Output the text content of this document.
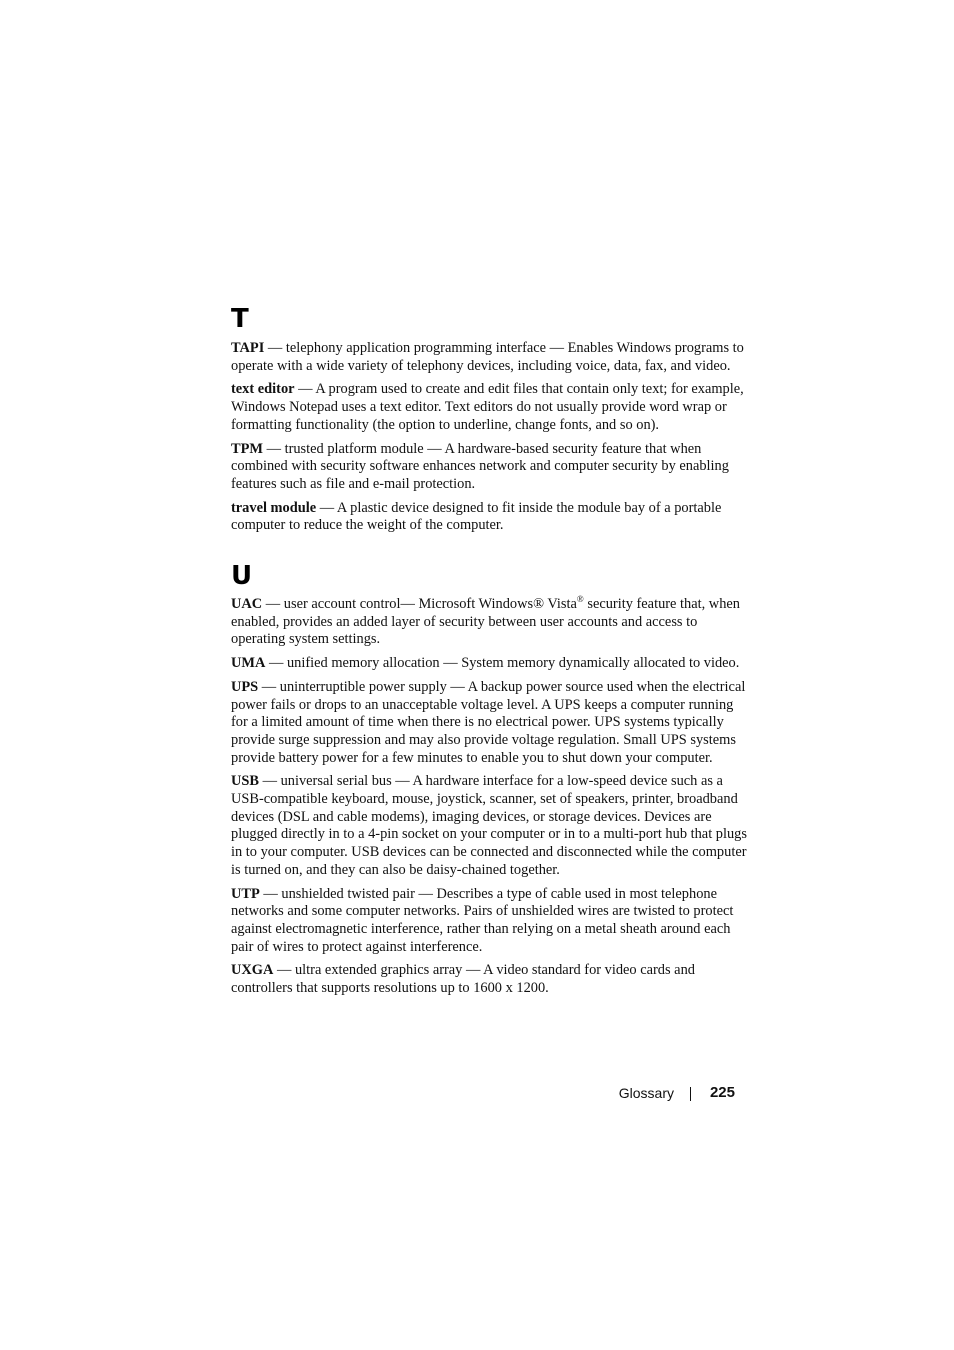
T

TAPI — telephony application programming interface — Enables Windows programs to operate with a wide variety of telephony devices, including voice, data, fax, and video.

text editor — A program used to create and edit files that contain only text; for example, Windows Notepad uses a text editor. Text editors do not usually provide word wrap or formatting functionality (the option to underline, change fonts, and so on).

TPM — trusted platform module — A hardware-based security feature that when combined with security software enhances network and computer security by enabling features such as file and e-mail protection.

travel module — A plastic device designed to fit inside the module bay of a portable computer to reduce the weight of the computer.

U

UAC — user account control— Microsoft Windows® Vista® security feature that, when enabled, provides an added layer of security between user accounts and access to operating system settings.

UMA — unified memory allocation — System memory dynamically allocated to video.

UPS — uninterruptible power supply — A backup power source used when the electrical power fails or drops to an unacceptable voltage level. A UPS keeps a computer running for a limited amount of time when there is no electrical power. UPS systems typically provide surge suppression and may also provide voltage regulation. Small UPS systems provide battery power for a few minutes to enable you to shut down your computer.

USB — universal serial bus — A hardware interface for a low-speed device such as a USB-compatible keyboard, mouse, joystick, scanner, set of speakers, printer, broadband devices (DSL and cable modems), imaging devices, or storage devices. Devices are plugged directly in to a 4-pin socket on your computer or in to a multi-port hub that plugs in to your computer. USB devices can be connected and disconnected while the computer is turned on, and they can also be daisy-chained together.

UTP — unshielded twisted pair — Describes a type of cable used in most telephone networks and some computer networks. Pairs of unshielded wires are twisted to protect against electromagnetic interference, rather than relying on a metal sheath around each pair of wires to protect against interference.

UXGA — ultra extended graphics array — A video standard for video cards and controllers that supports resolutions up to 1600 x 1200.

Glossary 225
